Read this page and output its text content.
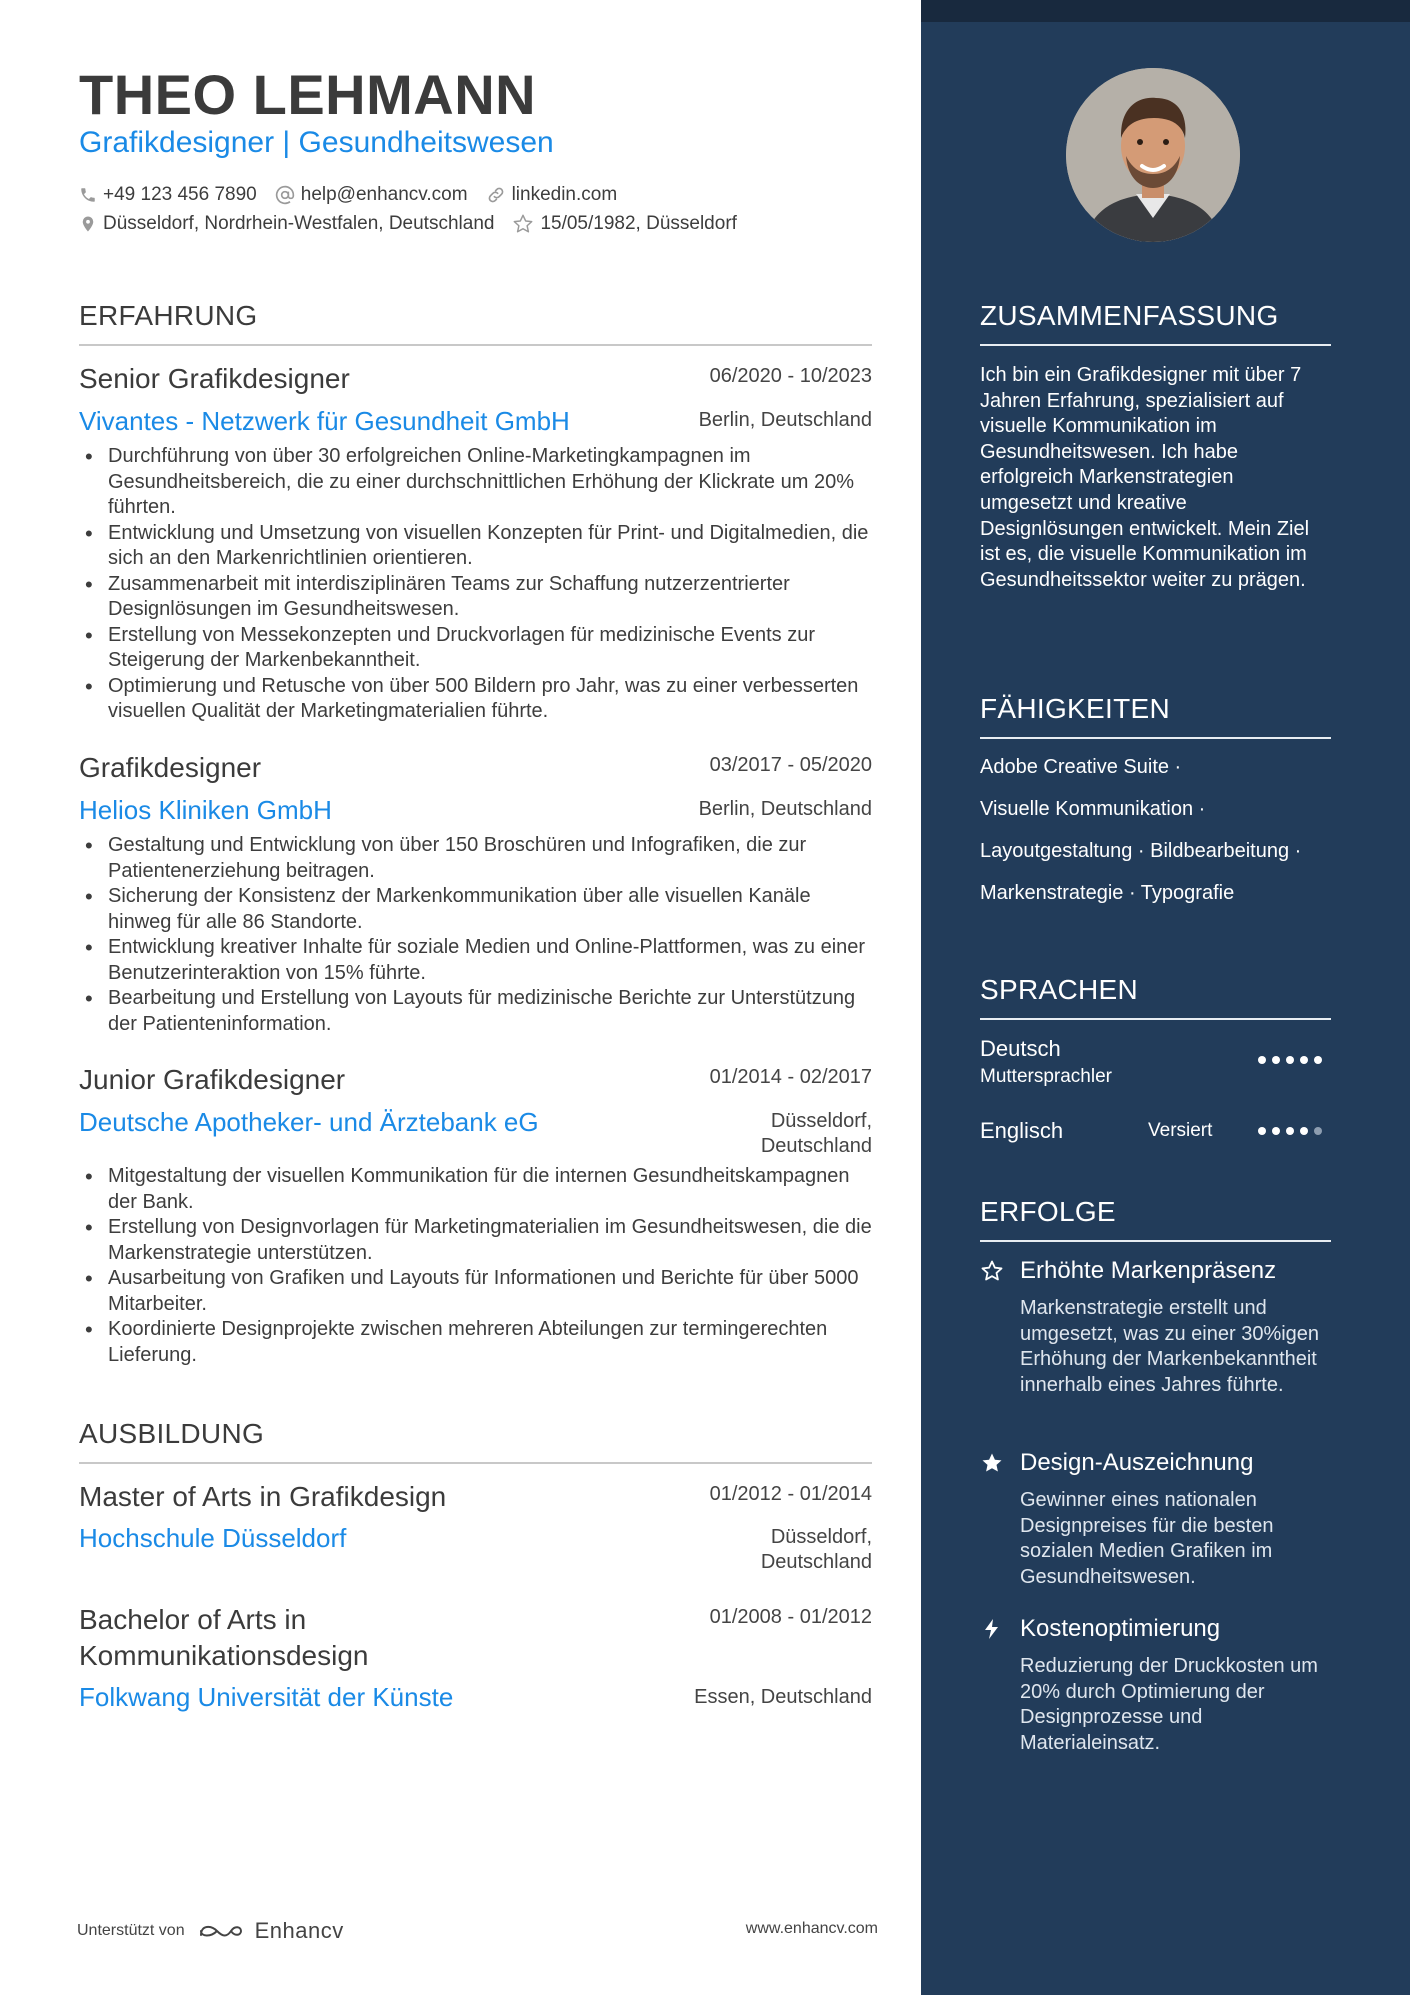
THEO LEHMANN
Grafikdesigner | Gesundheitswesen
+49 123 456 7890 help@enhancv.com linkedin.com
Düsseldorf, Nordrhein-Westfalen, Deutschland 15/05/1982, Düsseldorf
ERFAHRUNG
Senior Grafikdesigner	06/2020 - 10/2023
Vivantes - Netzwerk für Gesundheit GmbH	Berlin, Deutschland
• Durchführung von über 30 erfolgreichen Online-Marketingkampagnen im Gesundheitsbereich, die zu einer durchschnittlichen Erhöhung der Klickrate um 20% führten.
• Entwicklung und Umsetzung von visuellen Konzepten für Print- und Digitalmedien, die sich an den Markenrichtlinien orientieren.
• Zusammenarbeit mit interdisziplinären Teams zur Schaffung nutzerzentrierter Designlösungen im Gesundheitswesen.
• Erstellung von Messekonzepten und Druckvorlagen für medizinische Events zur Steigerung der Markenbekanntheit.
• Optimierung und Retusche von über 500 Bildern pro Jahr, was zu einer verbesserten visuellen Qualität der Marketingmaterialien führte.
Grafikdesigner	03/2017 - 05/2020
Helios Kliniken GmbH	Berlin, Deutschland
• Gestaltung und Entwicklung von über 150 Broschüren und Infografiken, die zur Patientenerziehung beitragen.
• Sicherung der Konsistenz der Markenkommunikation über alle visuellen Kanäle hinweg für alle 86 Standorte.
• Entwicklung kreativer Inhalte für soziale Medien und Online-Plattformen, was zu einer Benutzerinteraktion von 15% führte.
• Bearbeitung und Erstellung von Layouts für medizinische Berichte zur Unterstützung der Patienteninformation.
Junior Grafikdesigner	01/2014 - 02/2017
Deutsche Apotheker- und Ärztebank eG	Düsseldorf,
Deutschland
• Mitgestaltung der visuellen Kommunikation für die internen Gesundheitskampagnen der Bank.
• Erstellung von Designvorlagen für Marketingmaterialien im Gesundheitswesen, die die Markenstrategie unterstützen.
• Ausarbeitung von Grafiken und Layouts für Informationen und Berichte für über 5000 Mitarbeiter.
• Koordinierte Designprojekte zwischen mehreren Abteilungen zur termingerechten Lieferung.
AUSBILDUNG
Master of Arts in Grafikdesign	01/2012 - 01/2014
Hochschule Düsseldorf	Düsseldorf,
Deutschland
Bachelor of Arts in
Kommunikationsdesign
01/2008 - 01/2012
Folkwang Universität der Künste	Essen, Deutschland
ZUSAMMENFASSUNG
Ich bin ein Grafikdesigner mit über 7 Jahren Erfahrung, spezialisiert auf visuelle Kommunikation im Gesundheitswesen. Ich habe erfolgreich Markenstrategien umgesetzt und kreative Designlösungen entwickelt. Mein Ziel ist es, die visuelle Kommunikation im Gesundheitssektor weiter zu prägen.
FÄHIGKEITEN
Adobe Creative Suite ·
Visuelle Kommunikation ·
Layoutgestaltung · Bildbearbeitung ·
Markenstrategie · Typografie
SPRACHEN
Deutsch
Muttersprachler
Englisch	Versiert
ERFOLGE
Erhöhte Markenpräsenz
Markenstrategie erstellt und umgesetzt, was zu einer 30%igen Erhöhung der Markenbekanntheit innerhalb eines Jahres führte.
Design-Auszeichnung
Gewinner eines nationalen Designpreises für die besten sozialen Medien Grafiken im Gesundheitswesen.
Kostenoptimierung
Reduzierung der Druckkosten um 20% durch Optimierung der Designprozesse und Materialeinsatz.
Unterstützt von	Enhancv	www.enhancv.com
